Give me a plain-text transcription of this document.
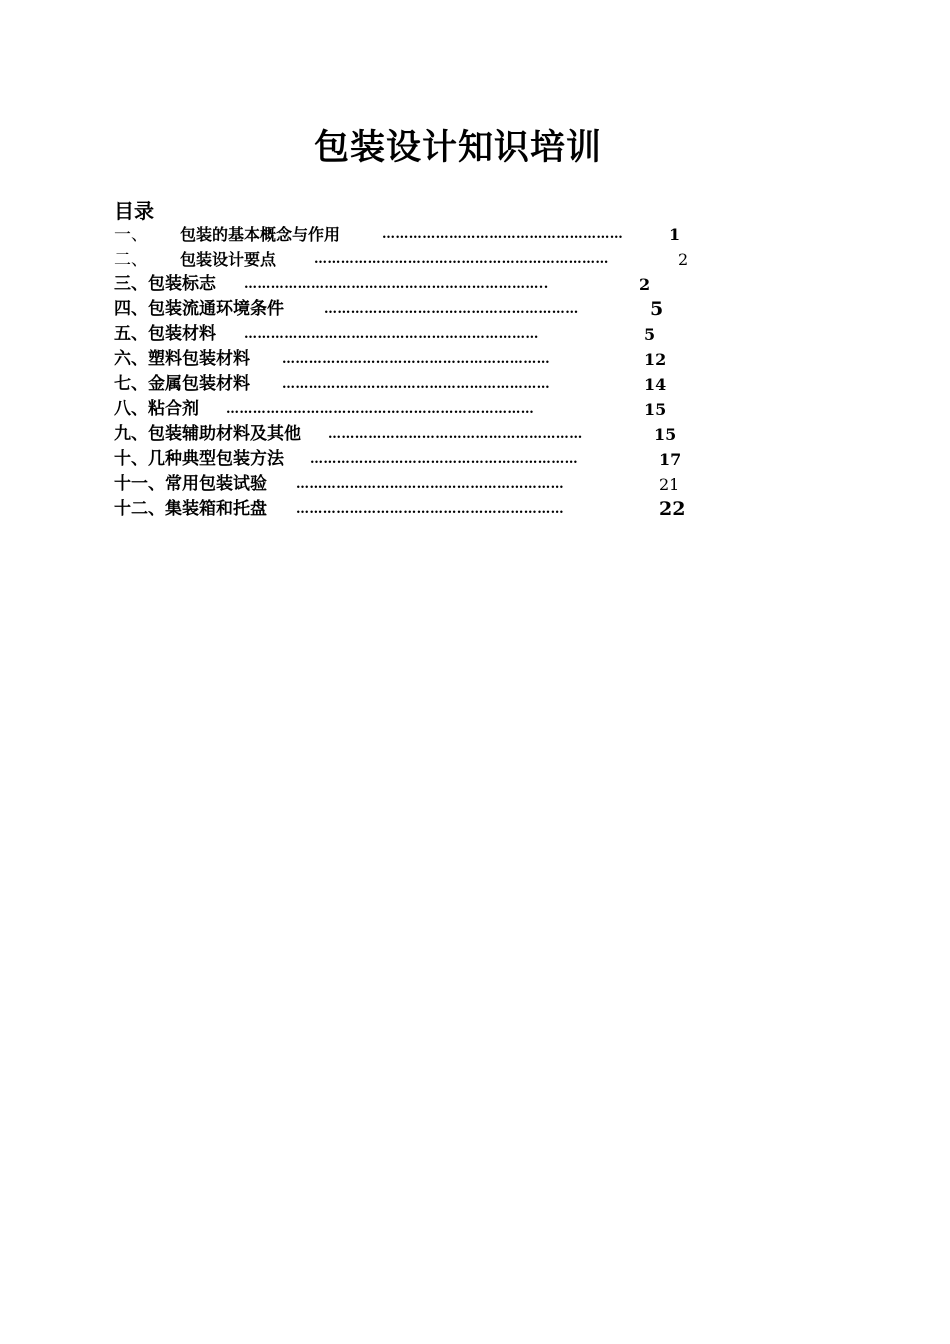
包装设计知识培训
目录
一、 包装的基本概念与作用	………………………………………………	1
二、 包装设计要点	…………………………………………………………	2
三、包装标志 …………………………………………………………..	2
四、包装流通环境条件	…………………………………………………	5
五、包装材料 …………………………………………………………	5
六、塑料包装材料 ……………………………………………………	12
七、金属包装材料 ……………………………………………………	14
八、粘合剂 ……………………………………………………………	15
九、包装辅助材料及其他 …………………………………………………	15
十、几种典型包装方法 ……………………………………………………	17
十一、常用包装试验 ……………………………………………………	21
十二、集装箱和托盘 ……………………………………………………	22
